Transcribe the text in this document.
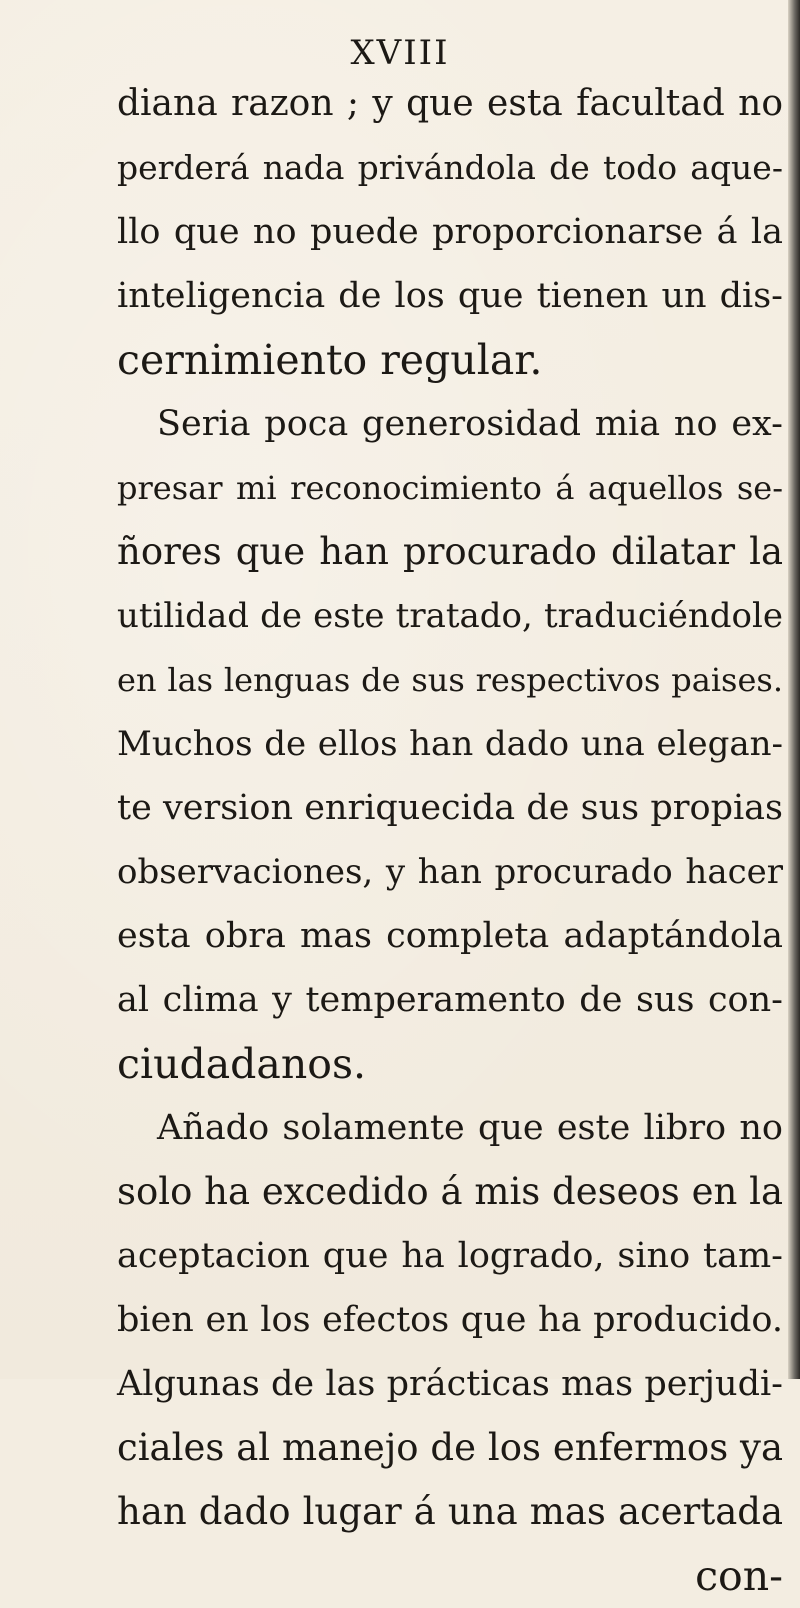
XVIII
diana razon ; y que esta facultad no
perderá nada privándola de todo aque-
llo que no puede proporcionarse á la
inteligencia de los que tienen un dis-
cernimiento regular.
Seria poca generosidad mia no ex-
presar mi reconocimiento á aquellos se-
ñores que han procurado dilatar la
utilidad de este tratado, traduciéndole
en las lenguas de sus respectivos paises.
Muchos de ellos han dado una elegan-
te version enriquecida de sus propias
observaciones, y han procurado hacer
esta obra mas completa adaptándola
al clima y temperamento de sus con-
ciudadanos.
Añado solamente que este libro no
solo ha excedido á mis deseos en la
aceptacion que ha logrado, sino tam-
bien en los efectos que ha producido.
Algunas de las prácticas mas perjudi-
ciales al manejo de los enfermos ya
han dado lugar á una mas acertada
con-
